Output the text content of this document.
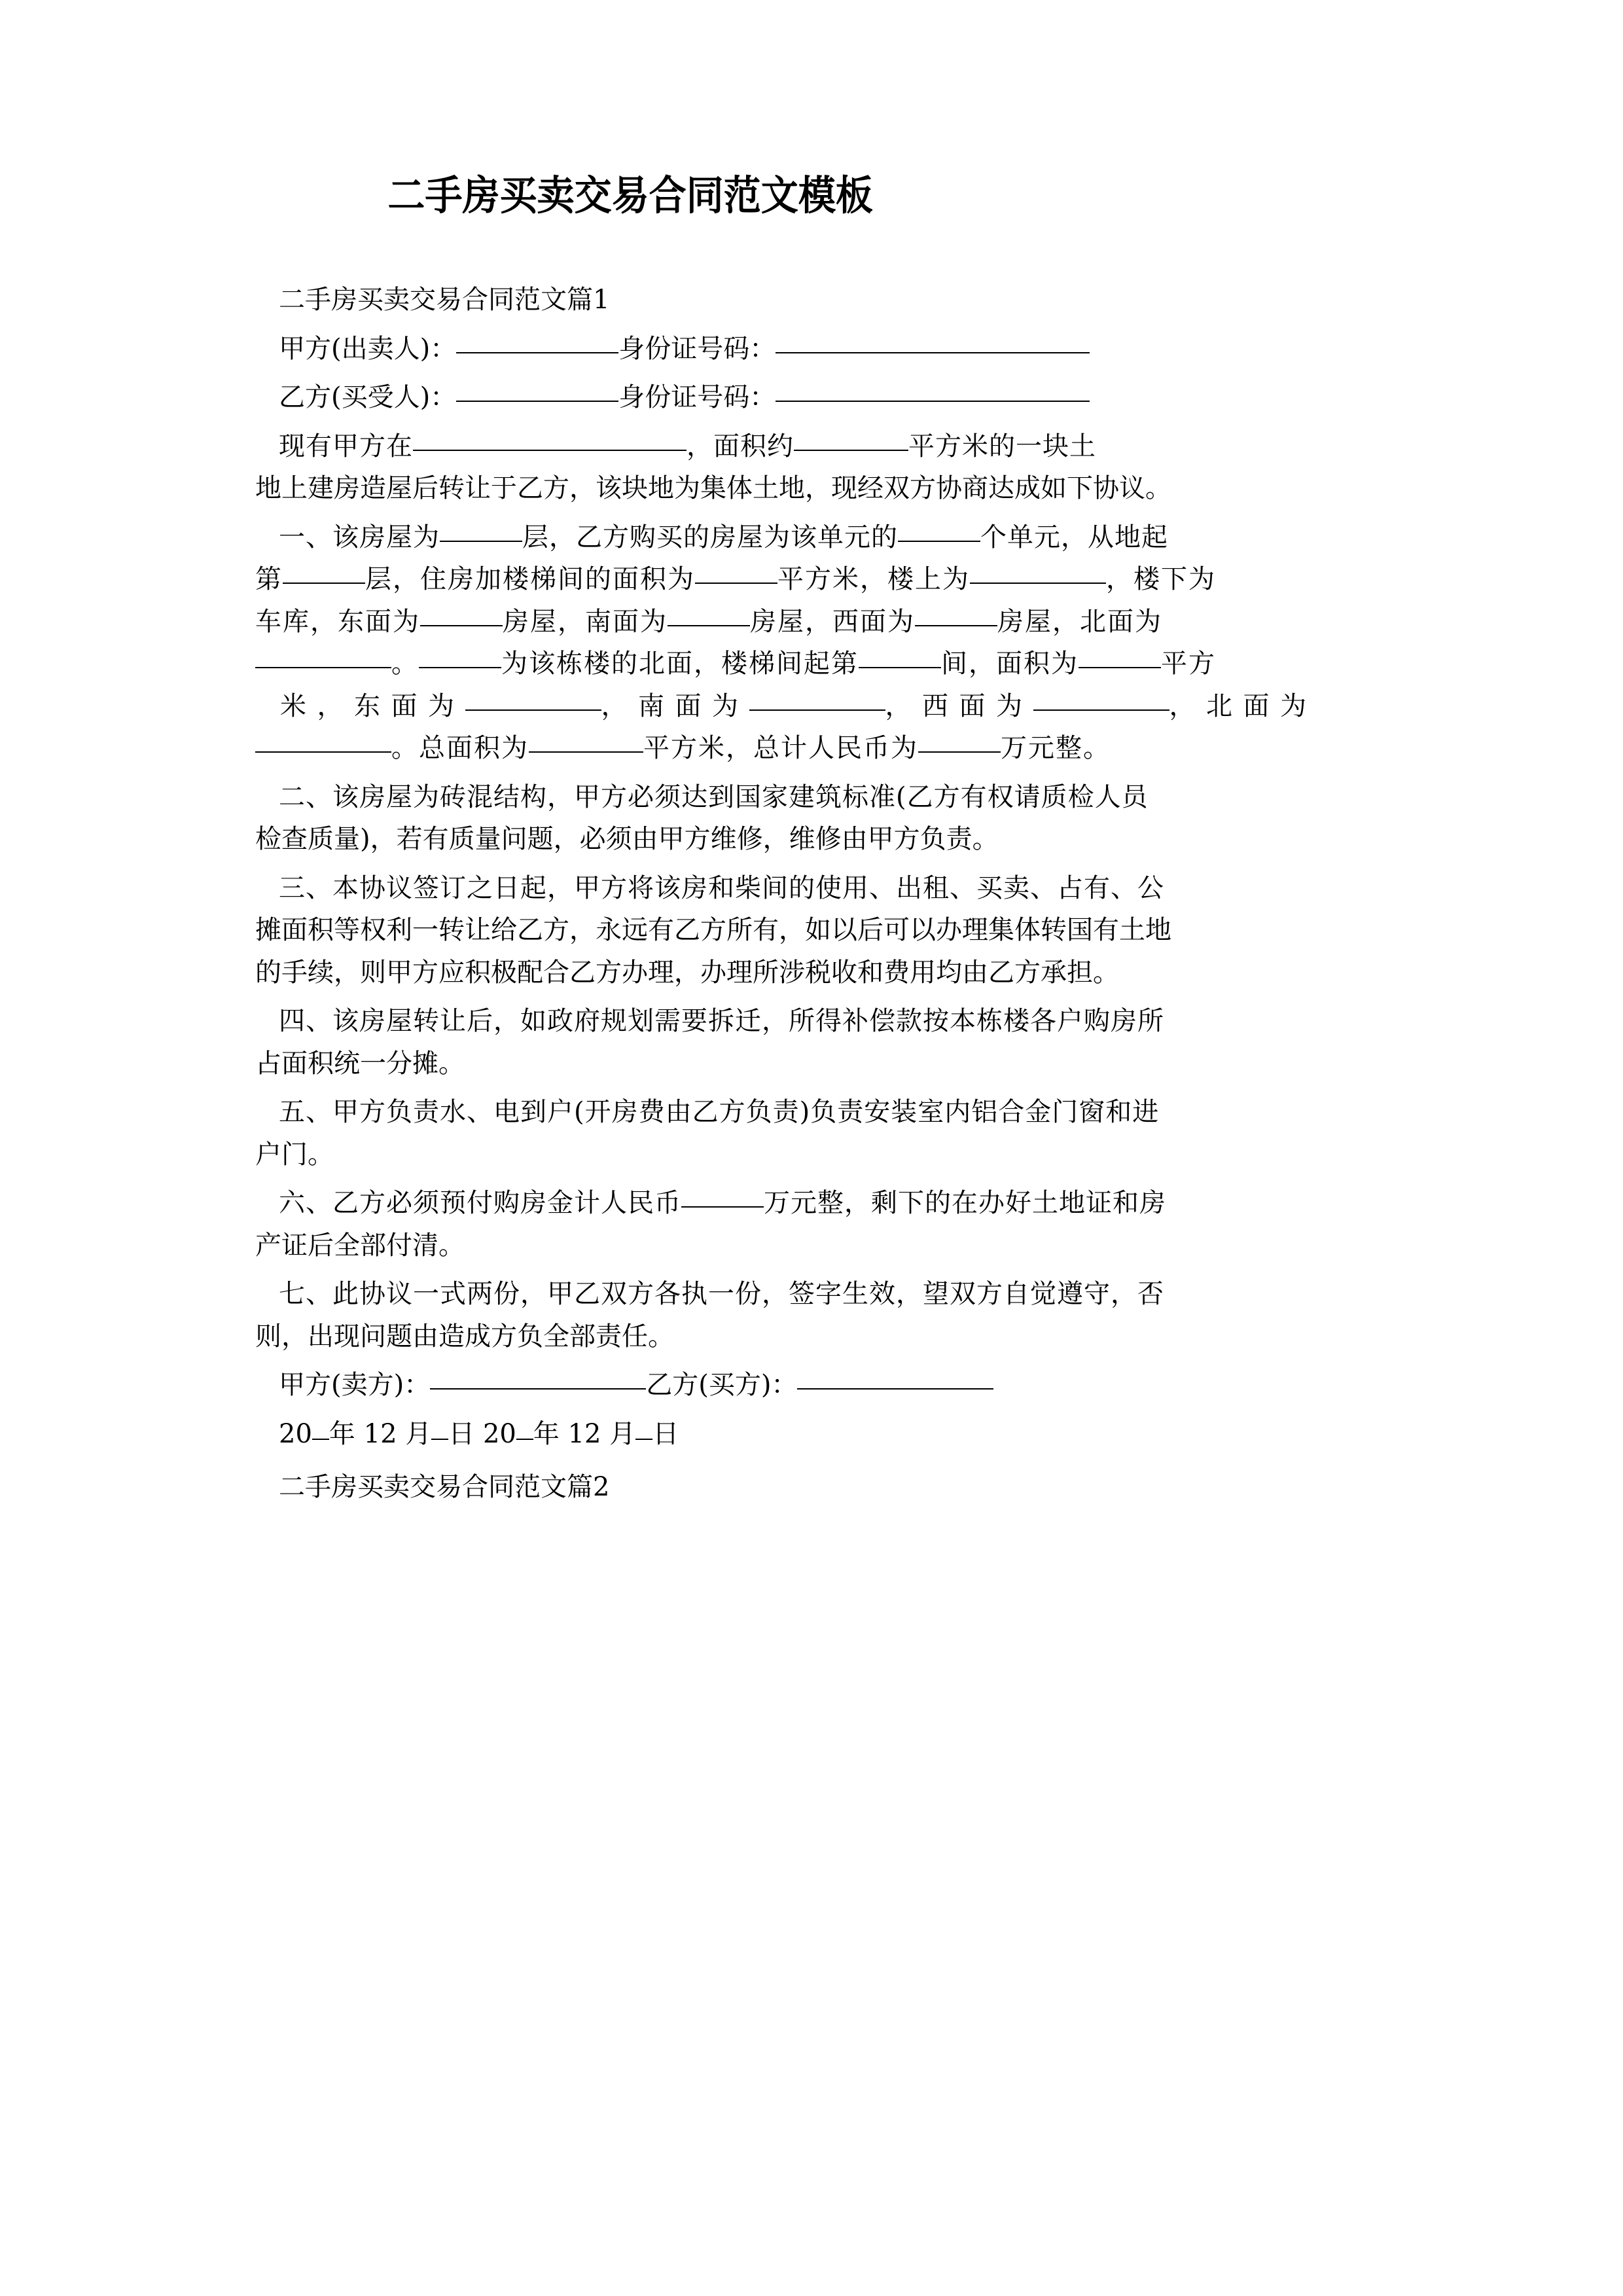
二手房买卖交易合同范文模板
二手房买卖交易合同范文篇1
甲方(出卖人)：	身份证号码：
乙方(买受人)：	身份证号码：
现有甲方在	，面积约	平方米的一块土
地上建房造屋后转让于乙方，该块地为集体土地，现经双方协商达成如下协议。
一、该房屋为	层，乙方购买的房屋为该单元的	个单元，从地起
第	层，住房加楼梯间的面积为	平方米，楼上为	，楼下为
车库，东面为	房屋，南面为	房屋，西面为	房屋，北面为
。	为该栋楼的北面，楼梯间起第	间，面积为	平方
米，东面为	，南面为	，西面为	，北面为
。总面积为	平方米，总计人民币为	万元整。
二、该房屋为砖混结构，甲方必须达到国家建筑标准(乙方有权请质检人员
检查质量)，若有质量问题，必须由甲方维修，维修由甲方负责。
三、本协议签订之日起，甲方将该房和柴间的使用、出租、买卖、占有、公
摊面积等权利一转让给乙方，永远有乙方所有，如以后可以办理集体转国有土地
的手续，则甲方应积极配合乙方办理，办理所涉税收和费用均由乙方承担。
四、该房屋转让后，如政府规划需要拆迁，所得补偿款按本栋楼各户购房所
占面积统一分摊。
五、甲方负责水、电到户(开房费由乙方负责)负责安装室内铝合金门窗和进
户门。
六、乙方必须预付购房金计人民币	万元整，剩下的在办好土地证和房
产证后全部付清。
七、此协议一式两份，甲乙双方各执一份，签字生效，望双方自觉遵守，否
则，出现问题由造成方负全部责任。
甲方(卖方)：	乙方(买方)：
20 年 12 月 日 20 年 12 月 日
二手房买卖交易合同范文篇2
